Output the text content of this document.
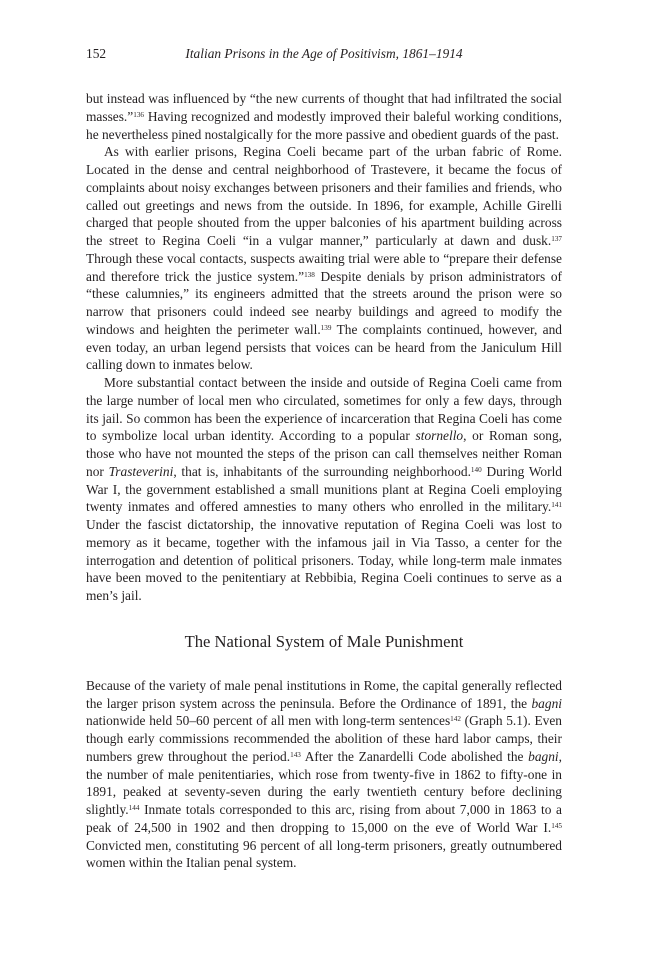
152	Italian Prisons in the Age of Positivism, 1861–1914

but instead was influenced by “the new currents of thought that had infiltrated the social masses.”$^{136}$ Having recognized and modestly improved their baleful working conditions, he nevertheless pined nostalgically for the more passive and obedient guards of the past.

As with earlier prisons, Regina Coeli became part of the urban fabric of Rome. Located in the dense and central neighborhood of Trastevere, it became the focus of complaints about noisy exchanges between prisoners and their families and friends, who called out greetings and news from the outside. In 1896, for example, Achille Girelli charged that people shouted from the upper balconies of his apartment building across the street to Regina Coeli “in a vulgar manner,” particularly at dawn and dusk.$^{137}$ Through these vocal contacts, suspects awaiting trial were able to “prepare their defense and therefore trick the justice system.”$^{138}$ Despite denials by prison administrators of “these calumnies,” its engineers admitted that the streets around the prison were so narrow that prisoners could indeed see nearby buildings and agreed to modify the windows and heighten the perimeter wall.$^{139}$ The complaints continued, however, and even today, an urban legend persists that voices can be heard from the Janiculum Hill calling down to inmates below.

More substantial contact between the inside and outside of Regina Coeli came from the large number of local men who circulated, sometimes for only a few days, through its jail. So common has been the experience of incarceration that Regina Coeli has come to symbolize local urban identity. According to a popular stornello, or Roman song, those who have not mounted the steps of the prison can call themselves neither Roman nor Trasteverini, that is, inhabitants of the surrounding neighborhood.$^{140}$ During World War I, the government established a small munitions plant at Regina Coeli employing twenty inmates and offered amnesties to many others who enrolled in the military.$^{141}$ Under the fascist dictatorship, the innovative reputation of Regina Coeli was lost to memory as it became, together with the infamous jail in Via Tasso, a center for the interrogation and detention of political prisoners. Today, while long-term male inmates have been moved to the penitentiary at Rebbibia, Regina Coeli continues to serve as a men’s jail.

The National System of Male Punishment

Because of the variety of male penal institutions in Rome, the capital generally reflected the larger prison system across the peninsula. Before the Ordinance of 1891, the bagni nationwide held 50–60 percent of all men with long-term sentences$^{142}$ (Graph 5.1). Even though early commissions recommended the abolition of these hard labor camps, their numbers grew throughout the period.$^{143}$ After the Zanardelli Code abolished the bagni, the number of male penitentiaries, which rose from twenty-five in 1862 to fifty-one in 1891, peaked at seventy-seven during the early twentieth century before declining slightly.$^{144}$ Inmate totals corresponded to this arc, rising from about 7,000 in 1863 to a peak of 24,500 in 1902 and then dropping to 15,000 on the eve of World War I.$^{145}$ Convicted men, constituting 96 percent of all long-term prisoners, greatly outnumbered women within the Italian penal system.
